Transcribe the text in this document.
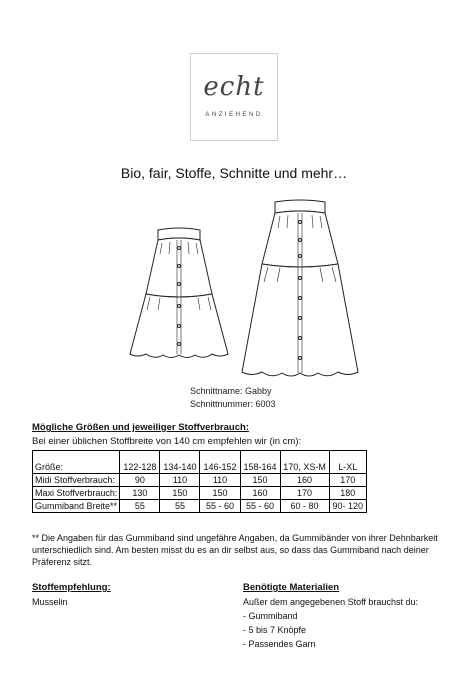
echt
ANZIEHEND
Bio, fair, Stoffe, Schnitte und mehr…
Schnittname: Gabby
Schnittnummer: 6003
Mögliche Größen und jeweiliger Stoffverbrauch:
Bei einer üblichen Stoffbreite von 140 cm empfehlen wir (in cm):
Größe:	122-128	134-140	146-152	158-164	170, XS-M	L-XL
Midi Stoffverbrauch:	90	110	110	150	160	170
Maxi Stoffverbrauch:	130	150	150	160	170	180
Gummiband Breite**	55	55	55 - 60	55 - 60	60 - 80	90- 120
** Die Angaben für das Gummiband sind ungefähre Angaben, da Gummibänder von ihrer Dehnbarkeit unterschiedlich sind. Am besten misst du es an dir selbst aus, so dass das Gummiband nach deiner Präferenz sitzt.
Stoffempfehlung:
Musselin
Benötigte Materialien
Außer dem angegebenen Stoff brauchst du:
- Gummiband
- 5 bis 7 Knöpfe
- Passendes Garn
